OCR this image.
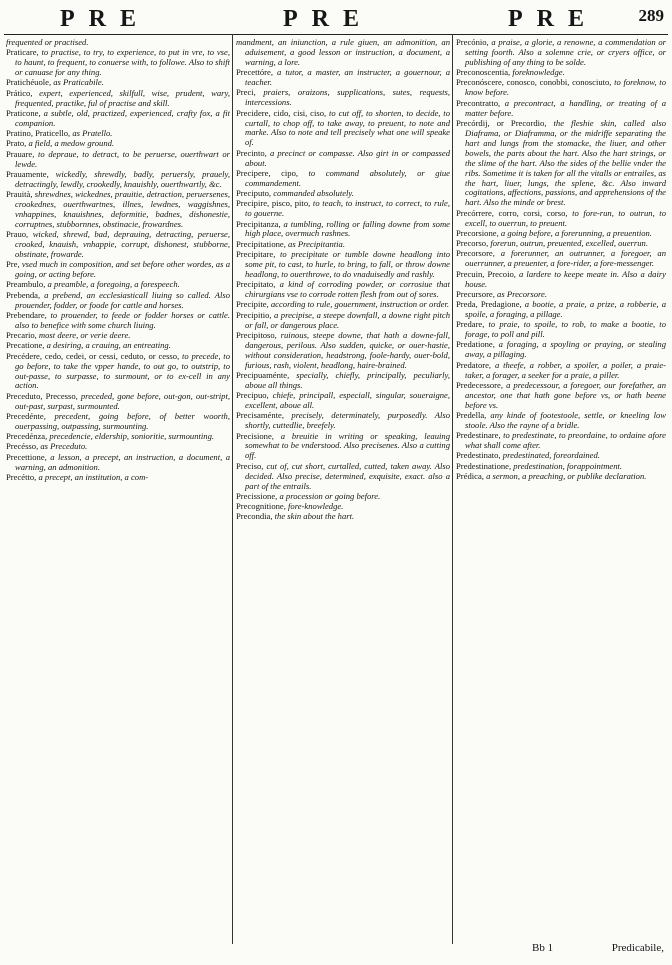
PRE	PRE	PRE 289

frequented or practised.

Praticare, to practise, to try, to experience, to put in vre, to vse, to haunt, to frequent, to conuerse with, to followe. Also to shift or canuase for any thing.

Pratichéuole, as Praticabile.

Prático, expert, experienced, skilfull, wise, prudent, wary, frequented, practike, ful of practise and skill.

Praticone, a subtle, old, practized, experienced, crafty fox, a fit companion.

Pratino, Praticello, as Pratello.

Prato, a field, a medow ground.

Prauare, to depraue, to detract, to be peruerse, ouerthwart or lewde.

Prauamente, wickedly, shrewdly, badly, peruersly, prauely, detractingly, lewdly, crookedly, knauishly, ouerthwartly, &c.

Prauità, shrewdnes, wickednes, prauitie, detraction, peruersenes, crookednes, ouerthwartnes, illnes, lewdnes, waggishnes, vnhappines, knauishnes, deformitie, badnes, dishonestie, corruptnes, stubbornnes, obstinacie, frowardnes.

Prauo, wicked, shrewd, bad, deprauing, detracting, peruerse, crooked, knauish, vnhappie, corrupt, dishonest, stubborne, obstinate, frowarde.

Pre, vsed much in composition, and set before other wordes, as a going, or acting before.

Preambulo, a preamble, a foregoing, a forespeech.

Prebenda, a prebend, an ecclesiasticall liuing so called. Also prouender, fodder, or foode for cattle and horses.

Prebendare, to prouender, to feede or fodder horses or cattle. also to benefice with some church liuing.

Precario, most deere, or verie deere.

Precatione, a desiring, a crauing, an entreating.

Precédere, cedo, cedei, or cessi, ceduto, or cesso, to precede, to go before, to take the vpper hande, to out go, to outstrip, to out-passe, to surpasse, to surmount, or to ex-cell in any action.

Preceduto, Precesso, preceded, gone before, out-gon, out-stript, out-past, surpast, surmounted.

Precedénte, precedent, going before, of better woorth, ouerpassing, outpassing, surmounting.

Precedénza, precedencie, eldership, sonioritie, surmounting.

Precésso, as Preceduto.

Precettione, a lesson, a precept, an instruction, a document, a warning, an admonition.

Precétto, a precept, an institution, a com-

mandment, an iniunction, a rule giuen, an admonition, an aduisement, a good lesson or instruction, a document, a warning, a lore.

Precettóre, a tutor, a master, an instructer, a gouernour, a teacher.

Preci, praiers, oraizons, supplications, sutes, requests, intercessions.

Precidere, cido, cisi, ciso, to cut off, to shorten, to decide, to curtall, to chop off, to take away, to preuent, to note and marke. Also to note and tell precisely what one will speake of.

Precinto, a precinct or compasse. Also girt in or compassed about.

Precipere, cipo, to command absolutely, or giue commandement.

Preciputo, commanded absolutely.

Precipire, pisco, pito, to teach, to instruct, to correct, to rule, to gouerne.

Precipitanza, a tumbling, rolling or falling downe from some high place, overmuch rashnes.

Precipitatione, as Precipitantia.

Precipitare, to precipitate or tumble downe headlong into some pit, to cast, to hurle, to bring, to fall, or throw downe headlong, to ouerthrowe, to do vnaduisedly and rashly.

Precipitato, a kind of corroding powder, or corrosiue that chirurgians vse to corrode rotten flesh from out of sores.

Precipite, according to rule, gouernment, instruction or order.

Precipitio, a precipise, a steepe downfall, a downe right pitch or fall, or dangerous place.

Precipitoso, ruinous, steepe downe, that hath a downe-fall, dangerous, perilous. Also sudden, quicke, or ouer-hastie, without consideration, headstrong, foole-hardy, ouer-bold, furious, rash, violent, headlong, haire-brained.

Precipuaménte, specially, chiefly, principally, peculiarly, aboue all things.

Precipuo, chiefe, principall, especiall, singular, soueraigne, excellent, aboue all.

Precisaménte, precisely, determinately, purposedly. Also shortly, cuttedlie, breefely.

Precisione, a breuitie in writing or speaking, leauing somewhat to be vnderstood. Also precisenes. Also a cutting off.

Preciso, cut of, cut short, curtalled, cutted, taken away. Also decided. Also precise, determined, exquisite, exact. also a part of the entrails.

Precissione, a procession or going before.

Precognitione, fore-knowledge.

Precondia, the skin about the hart.

Precónio, a praise, a glorie, a renowne, a commendation or setting foorth. Also a solemne crie, or cryers office, or publishing of any thing to be solde.

Preconoscentia, foreknowledge.

Preconóscere, conosco, conobbi, conosciuto, to foreknow, to know before.

Precontratto, a precontract, a handling, or treating of a matter before.

Precórdij, or Precordio, the fleshie skin, called also Diaframa, or Diaframma, or the midriffe separating the hart and lungs from the stomacke, the liuer, and other bowels, the parts about the hart. Also the hart strings, or the slime of the hart. Also the sides of the bellie vnder the ribs. Sometime it is taken for all the vitalls or entrailes, as the hart, liuer, lungs, the splene, &c. Also inward cogitations, affections, passions, and apprehensions of the hart. Also the minde or brest.

Precórrere, corro, corsi, corso, to fore-run, to outrun, to excell, to ouerrun, to preuent.

Precorsione, a going before, a forerunning, a preuention.

Precorso, forerun, outrun, preuented, excelled, ouerrun.

Precorsore, a forerunner, an outrunner, a foregoer, an ouerrunner, a preuenter, a fore-rider, a fore-messenger.

Precuin, Precoio, a lardere to keepe meate in. Also a dairy house.

Precursore, as Precorsore.

Preda, Predagione, a bootie, a praie, a prize, a robberie, a spoile, a foraging, a pillage.

Predare, to praie, to spoile, to rob, to make a bootie, to forage, to poll and pill.

Predatione, a foraging, a spoyling or praying, or stealing away, a pillaging.

Predatore, a theefe, a robber, a spoiler, a poiler, a praie-taker, a forager, a seeker for a praie, a piller.

Predecessore, a predecessour, a foregoer, our forefather, an ancestor, one that hath gone before vs, or hath beene before vs.

Predella, any kinde of footestoole, settle, or kneeling low stoole. Also the rayne of a bridle.

Predestinare, to predestinate, to preordaine, to ordaine afore what shall come after.

Predestinato, predestinated, foreordained.

Predestinatione, predestination, forappointment.

Prédica, a sermon, a preaching, or publike declaration.

Bb 1	Predicabile,
